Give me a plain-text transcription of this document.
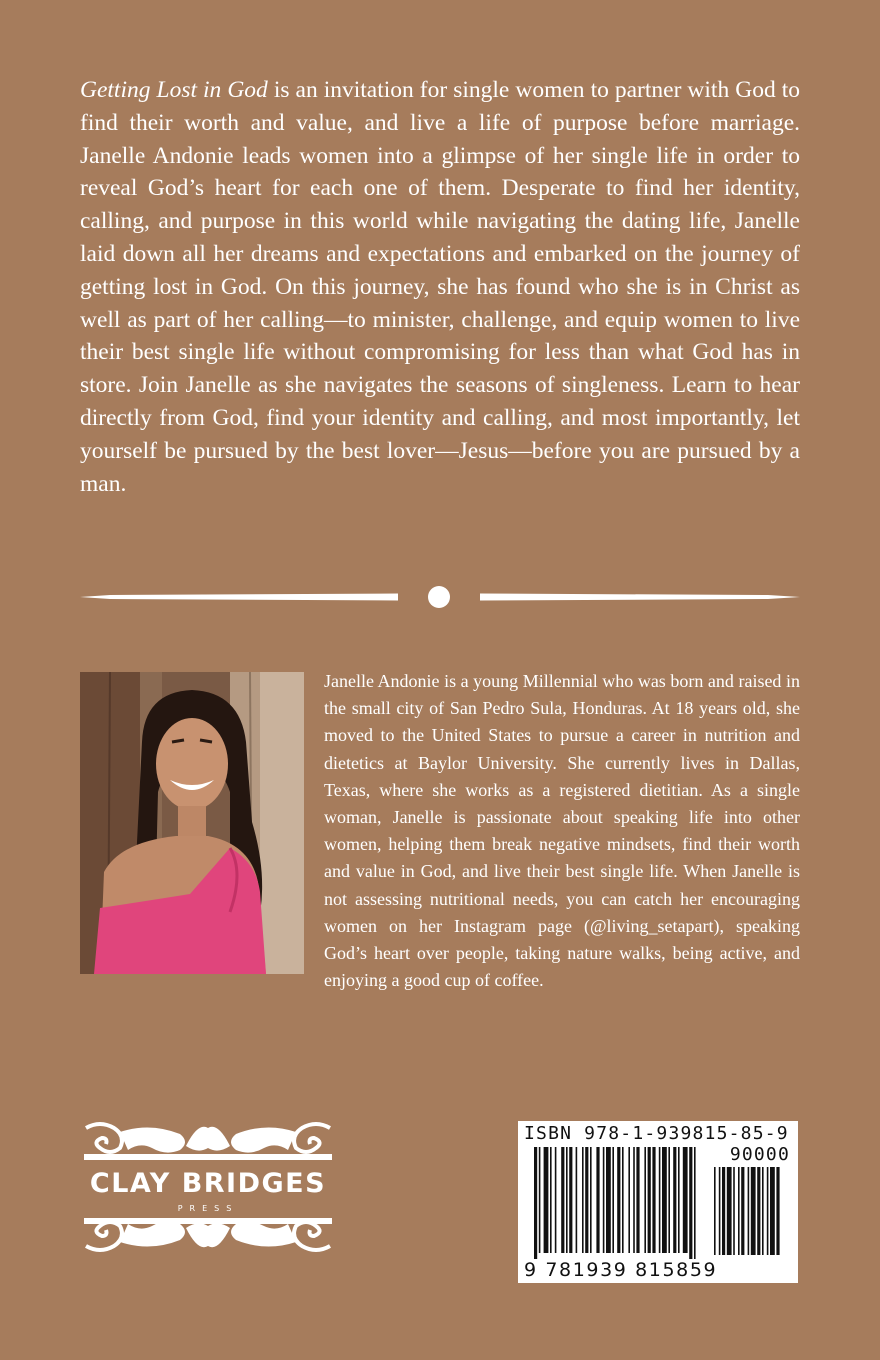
Getting Lost in God is an invitation for single women to partner with God to find their worth and value, and live a life of purpose before marriage. Janelle Andonie leads women into a glimpse of her single life in order to reveal God’s heart for each one of them. Desperate to find her identity, calling, and purpose in this world while navigating the dating life, Janelle laid down all her dreams and expectations and embarked on the journey of getting lost in God. On this journey, she has found who she is in Christ as well as part of her calling—to minister, challenge, and equip women to live their best single life without compromising for less than what God has in store. Join Janelle as she navigates the seasons of singleness. Learn to hear directly from God, find your identity and calling, and most importantly, let yourself be pursued by the best lover—Jesus—before you are pursued by a man.

Janelle Andonie is a young Millennial who was born and raised in the small city of San Pedro Sula, Honduras. At 18 years old, she moved to the United States to pursue a career in nutrition and dietetics at Baylor University. She currently lives in Dallas, Texas, where she works as a registered dietitian. As a single woman, Janelle is passionate about speaking life into other women, helping them break negative mindsets, find their worth and value in God, and live their best single life. When Janelle is not assessing nutritional needs, you can catch her encouraging women on her Instagram page (@living_setapart), speaking God’s heart over people, taking nature walks, being active, and enjoying a good cup of coffee.

CLAY BRIDGES
PRESS
ISBN 978-1-939815-85-9
90000
9 781939 815859
